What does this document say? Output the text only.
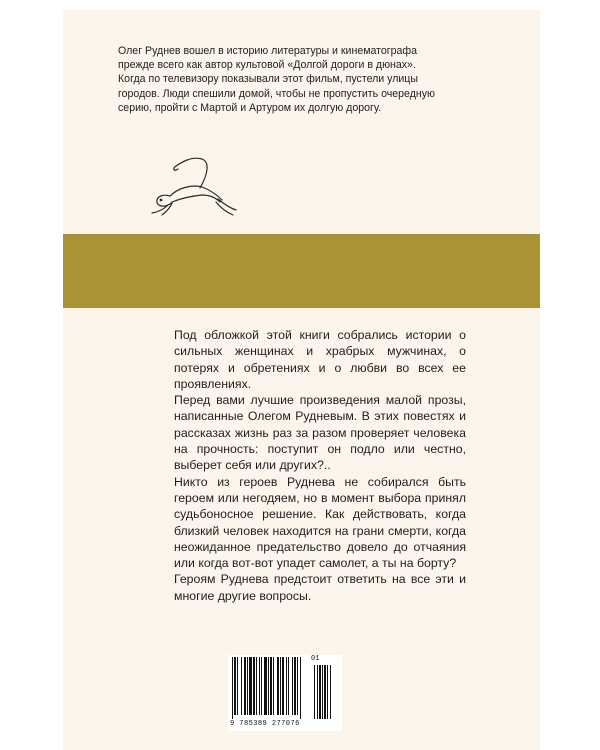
Олег Руднев вошел в историю литературы и кинематографа
прежде всего как автор культовой «Долгой дороги в дюнах».
Когда по телевизору показывали этот фильм, пустели улицы
городов. Люди спешили домой, чтобы не пропустить очередную
серию, пройти с Мартой и Артуром их долгую дорогу.

Под обложкой этой книги собрались истории о сильных женщинах и храбрых мужчинах, о потерях и обретениях и о любви во всех ее проявлениях.

Перед вами лучшие произведения малой прозы, написанные Олегом Рудневым. В этих повестях и рассказах жизнь раз за разом проверяет человека на прочность: поступит он подло или честно, выберет себя или других?..

Никто из героев Руднева не собирался быть героем или негодяем, но в момент выбора принял судьбоносное решение. Как действовать, когда близкий человек находится на грани смерти, когда неожиданное предательство довело до отчаяния или когда вот-вот упадет самолет, а ты на борту?

Героям Руднева предстоит ответить на все эти и многие другие вопросы.

9 785389 277076
01
